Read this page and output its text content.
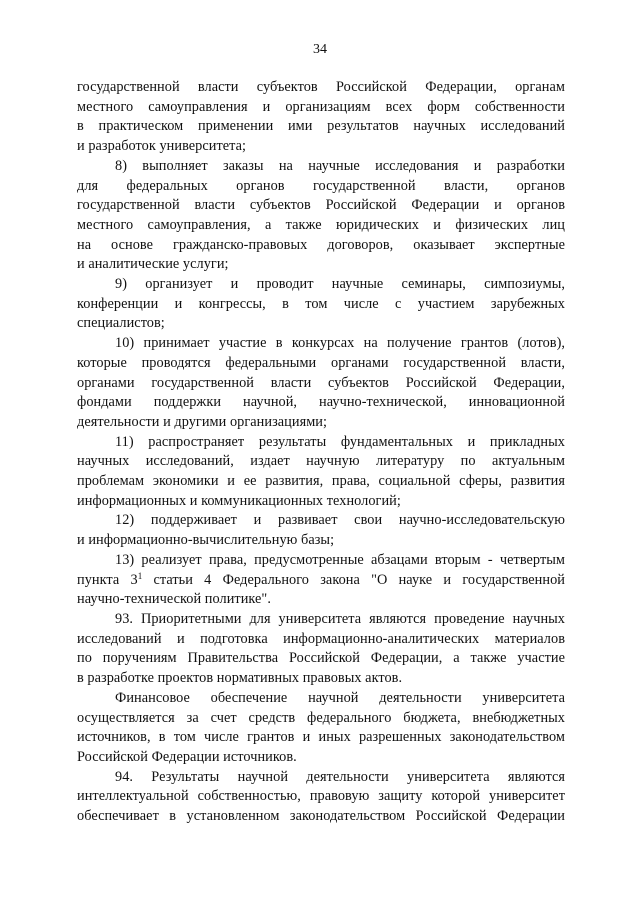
34

государственной власти субъектов Российской Федерации, органам
местного самоуправления и организациям всех форм собственности
в практическом применении ими результатов научных исследований
и разработок университета;

8) выполняет заказы на научные исследования и разработки
для федеральных органов государственной власти, органов
государственной власти субъектов Российской Федерации и органов
местного самоуправления, а также юридических и физических лиц
на основе гражданско-правовых договоров, оказывает экспертные
и аналитические услуги;

9) организует и проводит научные семинары, симпозиумы,
конференции и конгрессы, в том числе с участием зарубежных
специалистов;

10) принимает участие в конкурсах на получение грантов (лотов),
которые проводятся федеральными органами государственной власти,
органами государственной власти субъектов Российской Федерации,
фондами поддержки научной, научно-технической, инновационной
деятельности и другими организациями;

11) распространяет результаты фундаментальных и прикладных
научных исследований, издает научную литературу по актуальным
проблемам экономики и ее развития, права, социальной сферы, развития
информационных и коммуникационных технологий;

12) поддерживает и развивает свои научно-исследовательскую
и информационно-вычислительную базы;

13) реализует права, предусмотренные абзацами вторым - четвертым
пункта $3^1$ статьи 4 Федерального закона "О науке и государственной
научно-технической политике".

93. Приоритетными для университета являются проведение научных
исследований и подготовка информационно-аналитических материалов
по поручениям Правительства Российской Федерации, а также участие
в разработке проектов нормативных правовых актов.

Финансовое обеспечение научной деятельности университета
осуществляется за счет средств федерального бюджета, внебюджетных
источников, в том числе грантов и иных разрешенных законодательством
Российской Федерации источников.

94. Результаты научной деятельности университета являются
интеллектуальной собственностью, правовую защиту которой университет
обеспечивает в установленном законодательством Российской Федерации
